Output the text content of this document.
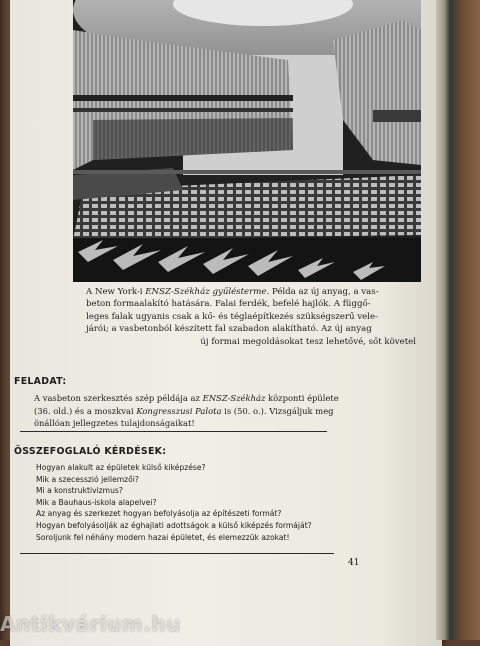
A New York-i ENSZ-Székház gyűlésterme. Példa az új anyag, a vas-
beton formaalakító hatására. Falai ferdék, befelé hajlók. A függő-
leges falak ugyanis csak a kő- és téglaépítkezés szükségszerű vele-
járói; a vasbetonból készített fal szabadon alakítható. Az új anyag
új formai megoldásokat tesz lehetővé, sőt követel
FELADAT:
A vasbeton szerkesztés szép példája az ENSZ-Székház központi épülete
(36. old.) és a moszkvai Kongresszusi Palota is (50. o.). Vizsgáljuk meg
önállóan jellegzetes tulajdonságaikat!
ÖSSZEFOGLALÓ KÉRDÉSEK:
Hogyan alakult az épületek külső kiképzése?
Mik a szecesszió jellemzői?
Mi a konstruktivizmus?
Mik a Bauhaus-iskola alapelvei?
Az anyag és szerkezet hogyan befolyásolja az építészeti formát?
Hogyan befolyásolják az éghajlati adottságok a külső kiképzés formáját?
Soroljunk fel néhány modern hazai épületet, és elemezzük azokat!
41
Antikvárium.hu
